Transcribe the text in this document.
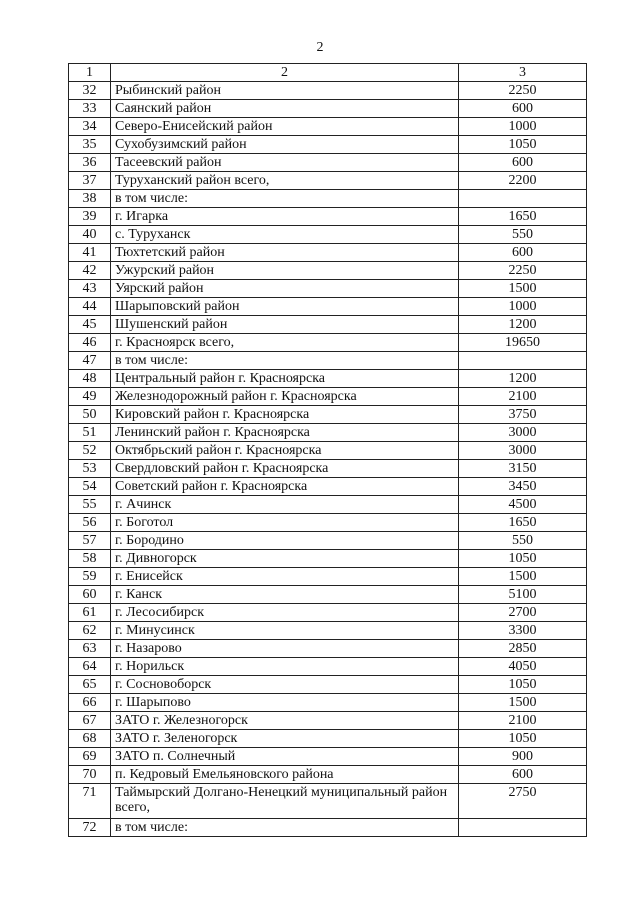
2
1	2	3
32	Рыбинский район	2250
33	Саянский район	600
34	Северо-Енисейский район	1000
35	Сухобузимский район	1050
36	Тасеевский район	600
37	Туруханский район всего,	2200
38	в том числе:	
39	г. Игарка	1650
40	с. Туруханск	550
41	Тюхтетский район	600
42	Ужурский район	2250
43	Уярский район	1500
44	Шарыповский район	1000
45	Шушенский район	1200
46	г. Красноярск всего,	19650
47	в том числе:	
48	Центральный район г. Красноярска	1200
49	Железнодорожный район г. Красноярска	2100
50	Кировский район г. Красноярска	3750
51	Ленинский район г. Красноярска	3000
52	Октябрьский район г. Красноярска	3000
53	Свердловский район г. Красноярска	3150
54	Советский район г. Красноярска	3450
55	г. Ачинск	4500
56	г. Боготол	1650
57	г. Бородино	550
58	г. Дивногорск	1050
59	г. Енисейск	1500
60	г. Канск	5100
61	г. Лесосибирск	2700
62	г. Минусинск	3300
63	г. Назарово	2850
64	г. Норильск	4050
65	г. Сосновоборск	1050
66	г. Шарыпово	1500
67	ЗАТО г. Железногорск	2100
68	ЗАТО г. Зеленогорск	1050
69	ЗАТО п. Солнечный	900
70	п. Кедровый Емельяновского района	600
71	Таймырский Долгано-Ненецкий муниципальный район всего,	2750
72	в том числе:	
